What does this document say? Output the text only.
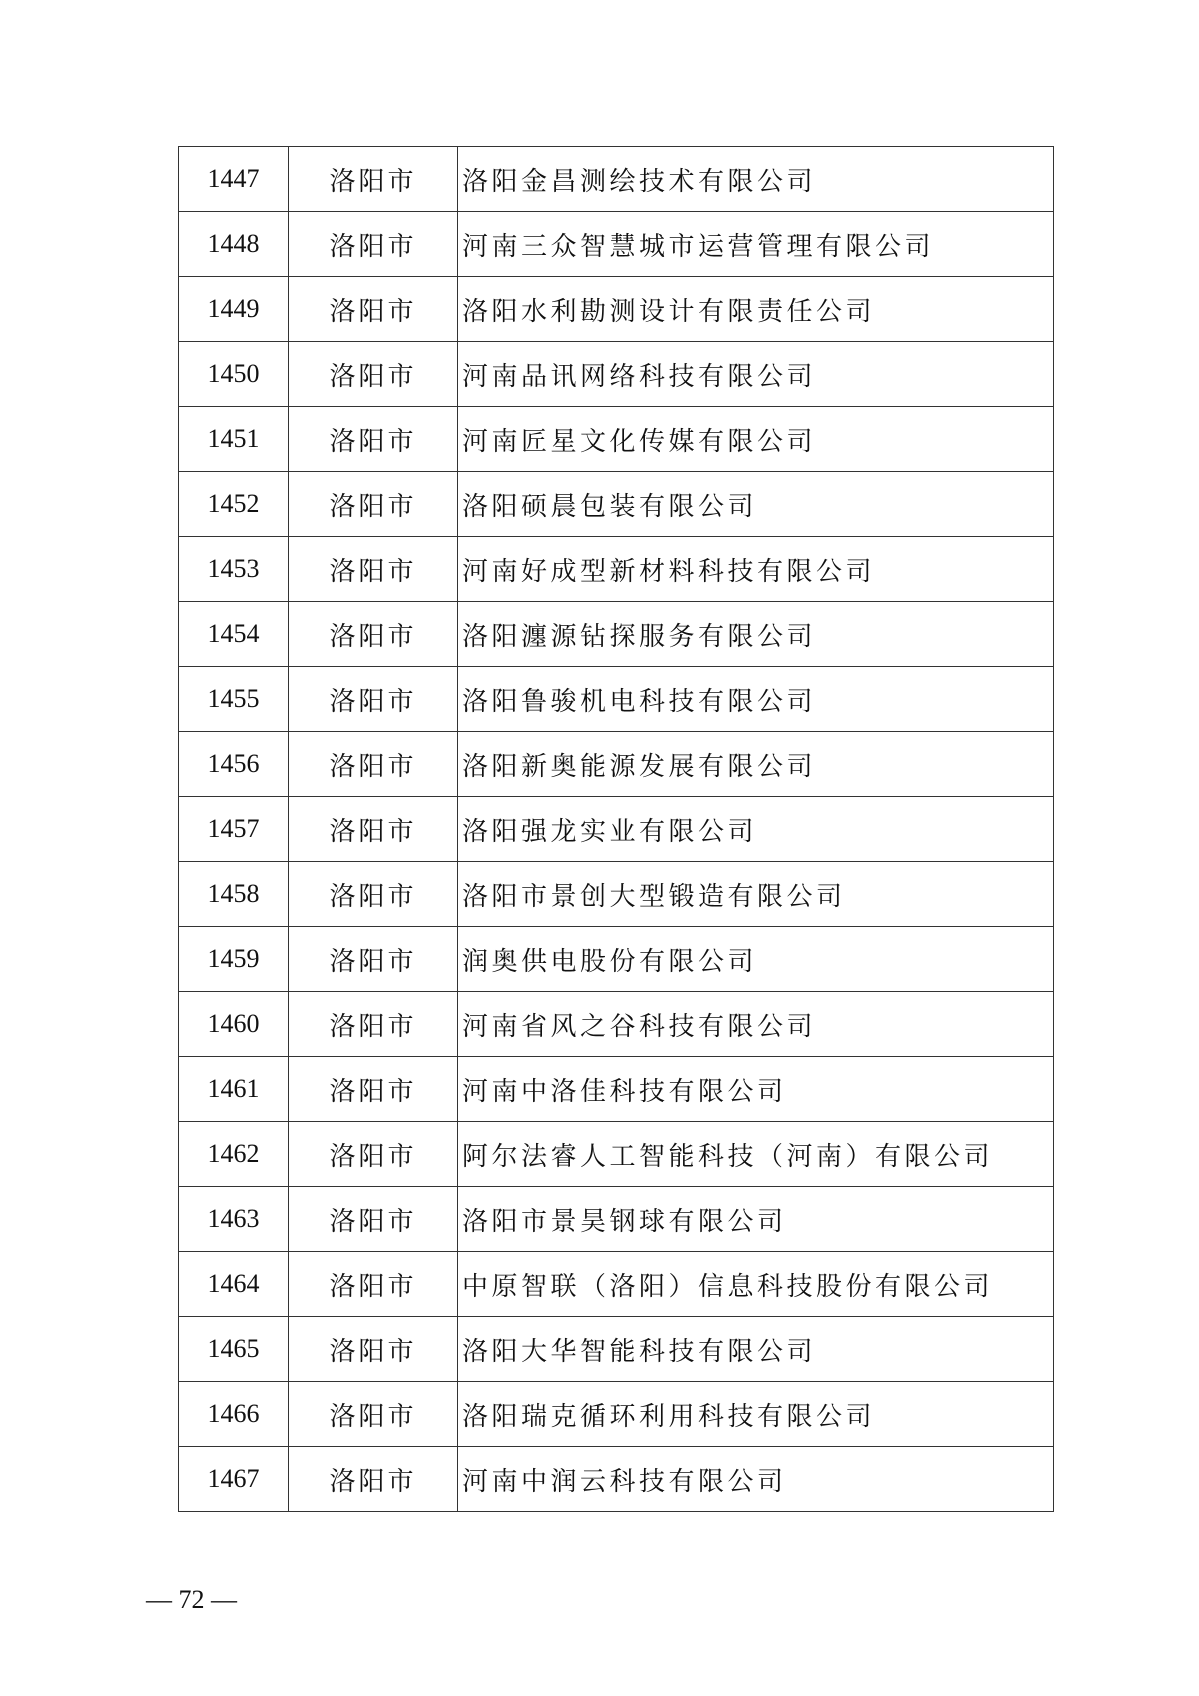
1447	洛阳市	洛阳金昌测绘技术有限公司
1448	洛阳市	河南三众智慧城市运营管理有限公司
1449	洛阳市	洛阳水利勘测设计有限责任公司
1450	洛阳市	河南品讯网络科技有限公司
1451	洛阳市	河南匠星文化传媒有限公司
1452	洛阳市	洛阳硕晨包装有限公司
1453	洛阳市	河南好成型新材料科技有限公司
1454	洛阳市	洛阳瀍源钻探服务有限公司
1455	洛阳市	洛阳鲁骏机电科技有限公司
1456	洛阳市	洛阳新奥能源发展有限公司
1457	洛阳市	洛阳强龙实业有限公司
1458	洛阳市	洛阳市景创大型锻造有限公司
1459	洛阳市	润奥供电股份有限公司
1460	洛阳市	河南省风之谷科技有限公司
1461	洛阳市	河南中洛佳科技有限公司
1462	洛阳市	阿尔法睿人工智能科技（河南）有限公司
1463	洛阳市	洛阳市景昊钢球有限公司
1464	洛阳市	中原智联（洛阳）信息科技股份有限公司
1465	洛阳市	洛阳大华智能科技有限公司
1466	洛阳市	洛阳瑞克循环利用科技有限公司
1467	洛阳市	河南中润云科技有限公司
— 72 —
